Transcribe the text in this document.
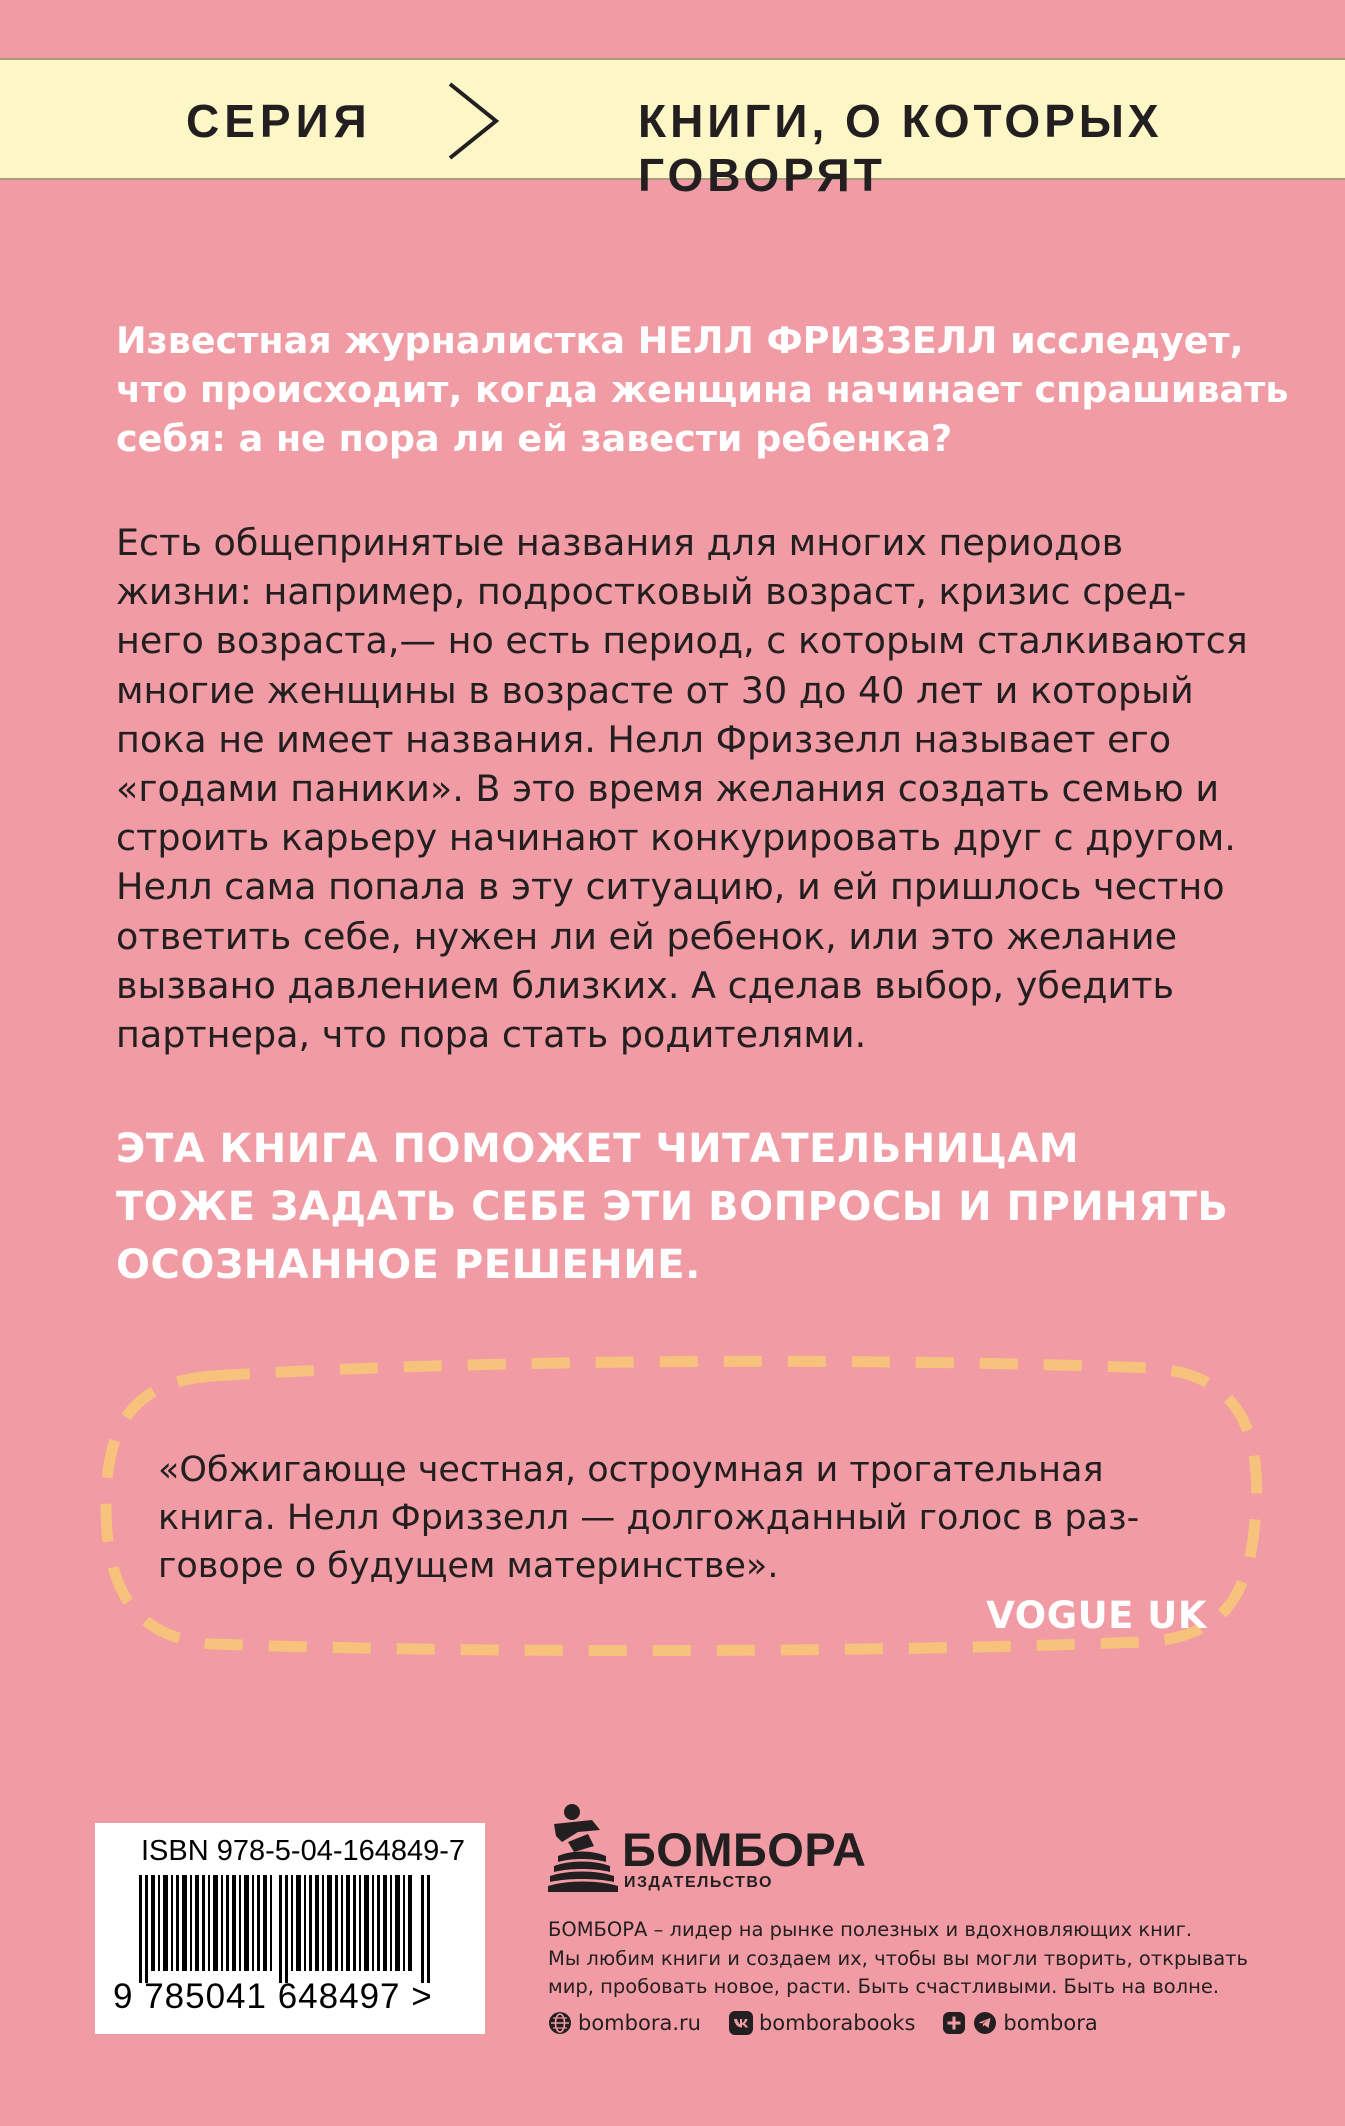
СЕРИЯ	КНИГИ, О КОТОРЫХ ГОВОРЯТ
Известная журналистка НЕЛЛ ФРИЗЗЕЛЛ исследует,
что происходит, когда женщина начинает спрашивать
себя: а не пора ли ей завести ребенка?
Есть общепринятые названия для многих периодов
жизни: например, подростковый возраст, кризис сред-
него возраста,— но есть период, с которым сталкиваются
многие женщины в возрасте от 30 до 40 лет и который
пока не имеет названия. Нелл Фриззелл называет его
«годами паники». В это время желания создать семью и
строить карьеру начинают конкурировать друг с другом.
Нелл сама попала в эту ситуацию, и ей пришлось честно
ответить себе, нужен ли ей ребенок, или это желание
вызвано давлением близких. А сделав выбор, убедить
партнера, что пора стать родителями.
ЭТА КНИГА ПОМОЖЕТ ЧИТАТЕЛЬНИЦАМ
ТОЖЕ ЗАДАТЬ СЕБЕ ЭТИ ВОПРОСЫ И ПРИНЯТЬ
ОСОЗНАННОЕ РЕШЕНИЕ.
«Обжигающе честная, остроумная и трогательная
книга. Нелл Фриззелл — долгожданный голос в раз-
говоре о будущем материнстве».
VOGUE UK
ISBN 978-5-04-164849-7
9 785041 648497 >
БОМБОРА
ИЗДАТЕЛЬСТВО
БОМБОРА – лидер на рынке полезных и вдохновляющих книг.
Мы любим книги и создаем их, чтобы вы могли творить, открывать
мир, пробовать новое, расти. Быть счастливыми. Быть на волне.
bombora.ru	bomborabooks	bombora
